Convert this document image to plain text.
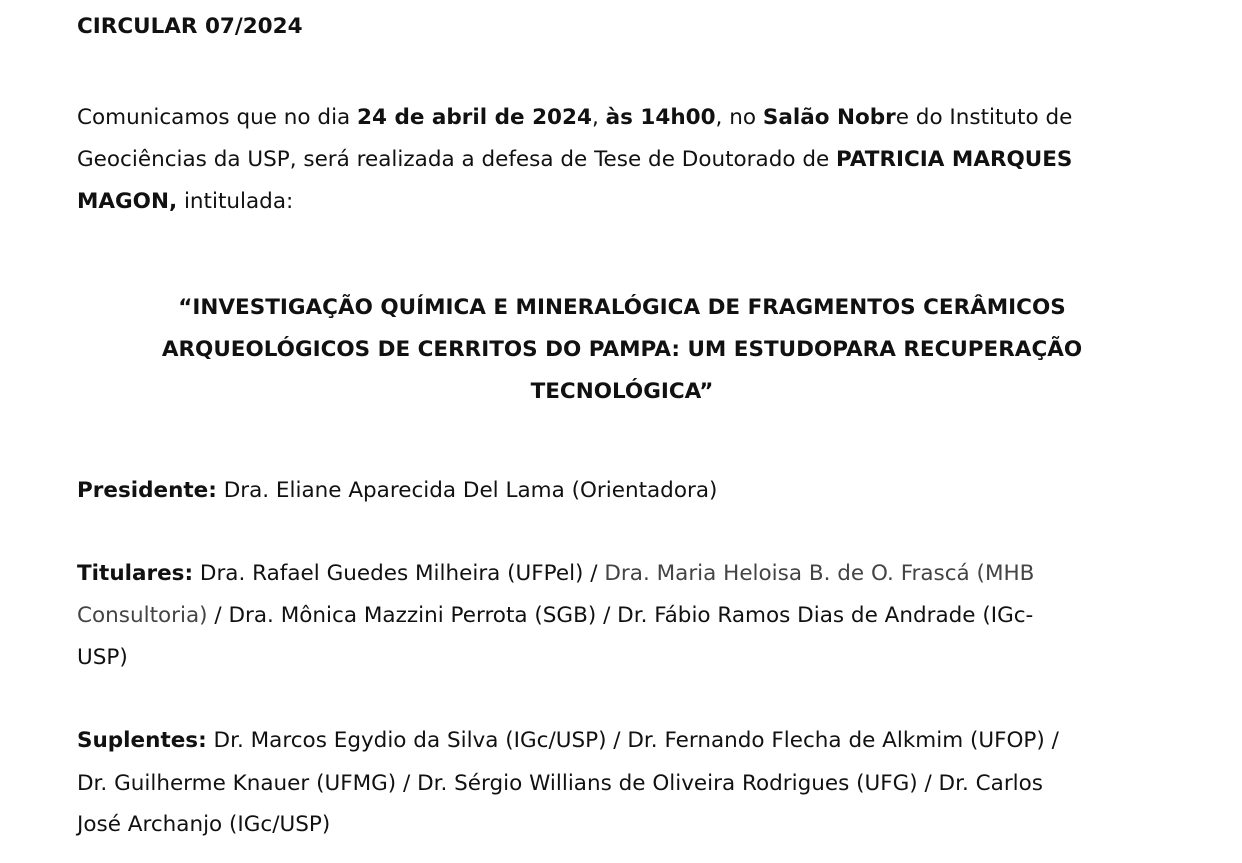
CIRCULAR 07/2024
Comunicamos que no dia 24 de abril de 2024, às 14h00, no Salão Nobre do Instituto de
Geociências da USP, será realizada a defesa de Tese de Doutorado de PATRICIA MARQUES
MAGON, intitulada:
“INVESTIGAÇÃO QUÍMICA E MINERALÓGICA DE FRAGMENTOS CERÂMICOS
ARQUEOLÓGICOS DE CERRITOS DO PAMPA: UM ESTUDOPARA RECUPERAÇÃO
TECNOLÓGICA”
Presidente: Dra. Eliane Aparecida Del Lama (Orientadora)
Titulares: Dra. Rafael Guedes Milheira (UFPel) / Dra. Maria Heloisa B. de O. Frascá (MHB
Consultoria) / Dra. Mônica Mazzini Perrota (SGB) / Dr. Fábio Ramos Dias de Andrade (IGc-
USP)
Suplentes: Dr. Marcos Egydio da Silva (IGc/USP) / Dr. Fernando Flecha de Alkmim (UFOP) /
Dr. Guilherme Knauer (UFMG) / Dr. Sérgio Willians de Oliveira Rodrigues (UFG) / Dr. Carlos
José Archanjo (IGc/USP)
